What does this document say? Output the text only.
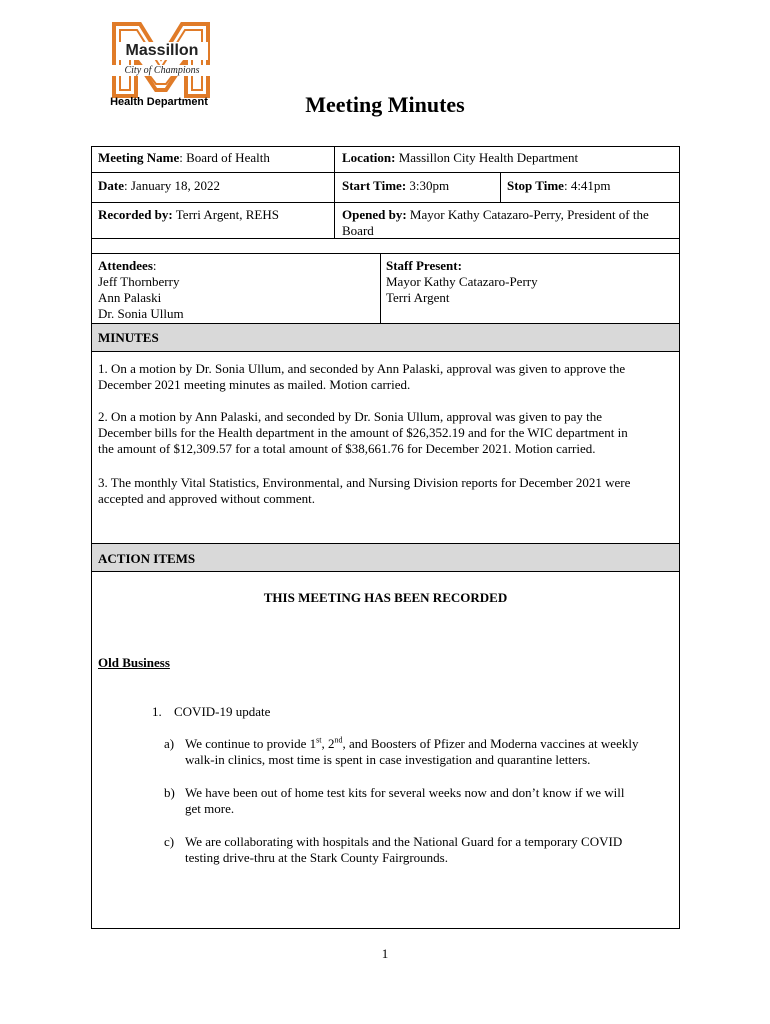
Massillon
City of Champions
Health Department	Meeting Minutes
Meeting Name: Board of Health	Location: Massillon City Health Department
Date: January 18, 2022	Start Time: 3:30pm	Stop Time: 4:41pm
Recorded by: Terri Argent, REHS	Opened by: Mayor Kathy Catazaro-Perry, President of the
Board
Attendees:
Jeff Thornberry
Ann Palaski
Dr. Sonia Ullum
Staff Present:
Mayor Kathy Catazaro-Perry
Terri Argent
MINUTES
1. On a motion by Dr. Sonia Ullum, and seconded by Ann Palaski, approval was given to approve the
December 2021 meeting minutes as mailed. Motion carried.
2. On a motion by Ann Palaski, and seconded by Dr. Sonia Ullum, approval was given to pay the
December bills for the Health department in the amount of $26,352.19 and for the WIC department in
the amount of $12,309.57 for a total amount of $38,661.76 for December 2021. Motion carried.
3. The monthly Vital Statistics, Environmental, and Nursing Division reports for December 2021 were
accepted and approved without comment.
ACTION ITEMS
THIS MEETING HAS BEEN RECORDED
Old Business
1. COVID-19 update
a) We continue to provide 1st, 2nd, and Boosters of Pfizer and Moderna vaccines at weekly
walk-in clinics, most time is spent in case investigation and quarantine letters.
b) We have been out of home test kits for several weeks now and don’t know if we will
get more.
c) We are collaborating with hospitals and the National Guard for a temporary COVID
testing drive-thru at the Stark County Fairgrounds.
1
